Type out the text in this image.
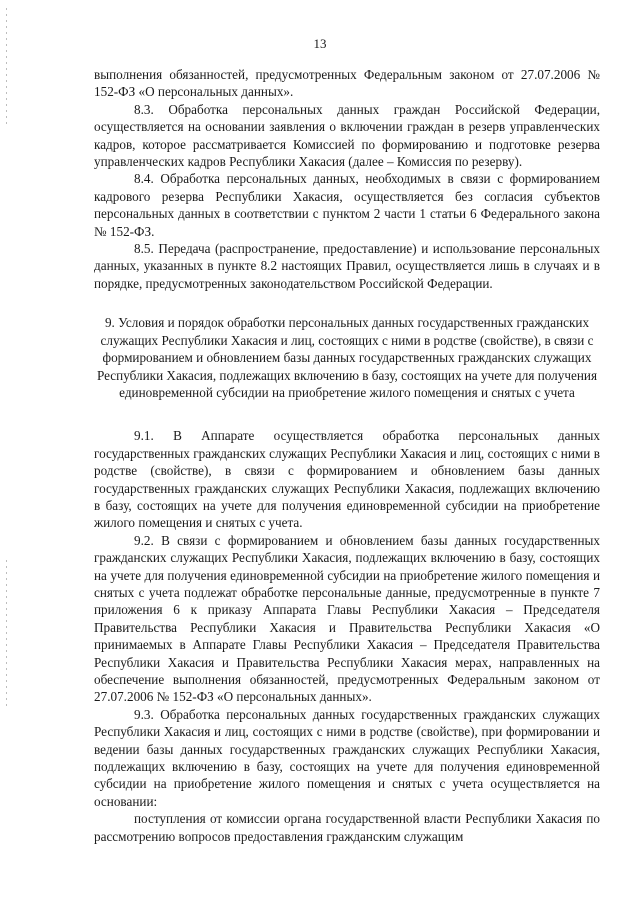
13

выполнения обязанностей, предусмотренных Федеральным законом от 27.07.2006 № 152-ФЗ «О персональных данных».

8.3. Обработка персональных данных граждан Российской Федерации, осуществляется на основании заявления о включении граждан в резерв управленческих кадров, которое рассматривается Комиссией по формированию и подготовке резерва управленческих кадров Республики Хакасия (далее – Комиссия по резерву).

8.4. Обработка персональных данных, необходимых в связи с формированием кадрового резерва Республики Хакасия, осуществляется без согласия субъектов персональных данных в соответствии с пунктом 2 части 1 статьи 6 Федерального закона № 152-ФЗ.

8.5. Передача (распространение, предоставление) и использование персональных данных, указанных в пункте 8.2 настоящих Правил, осуществляется лишь в случаях и в порядке, предусмотренных законодательством Российской Федерации.

9. Условия и порядок обработки персональных данных государственных гражданских служащих Республики Хакасия и лиц, состоящих с ними в родстве (свойстве), в связи с формированием и обновлением базы данных государственных гражданских служащих Республики Хакасия, подлежащих включению в базу, состоящих на учете для получения единовременной субсидии на приобретение жилого помещения и снятых с учета

9.1. В Аппарате осуществляется обработка персональных данных государственных гражданских служащих Республики Хакасия и лиц, состоящих с ними в родстве (свойстве), в связи с формированием и обновлением базы данных государственных гражданских служащих Республики Хакасия, подлежащих включению в базу, состоящих на учете для получения единовременной субсидии на приобретение жилого помещения и снятых с учета.

9.2. В связи с формированием и обновлением базы данных государственных гражданских служащих Республики Хакасия, подлежащих включению в базу, состоящих на учете для получения единовременной субсидии на приобретение жилого помещения и снятых с учета подлежат обработке персональные данные, предусмотренные в пункте 7 приложения 6 к приказу Аппарата Главы Республики Хакасия – Председателя Правительства Республики Хакасия и Правительства Республики Хакасия «О принимаемых в Аппарате Главы Республики Хакасия – Председателя Правительства Республики Хакасия и Правительства Республики Хакасия мерах, направленных на обеспечение выполнения обязанностей, предусмотренных Федеральным законом от 27.07.2006 № 152-ФЗ «О персональных данных».

9.3. Обработка персональных данных государственных гражданских служащих Республики Хакасия и лиц, состоящих с ними в родстве (свойстве), при формировании и ведении базы данных государственных гражданских служащих Республики Хакасия, подлежащих включению в базу, состоящих на учете для получения единовременной субсидии на приобретение жилого помещения и снятых с учета осуществляется на основании:

поступления от комиссии органа государственной власти Республики Хакасия по рассмотрению вопросов предоставления гражданским служащим
